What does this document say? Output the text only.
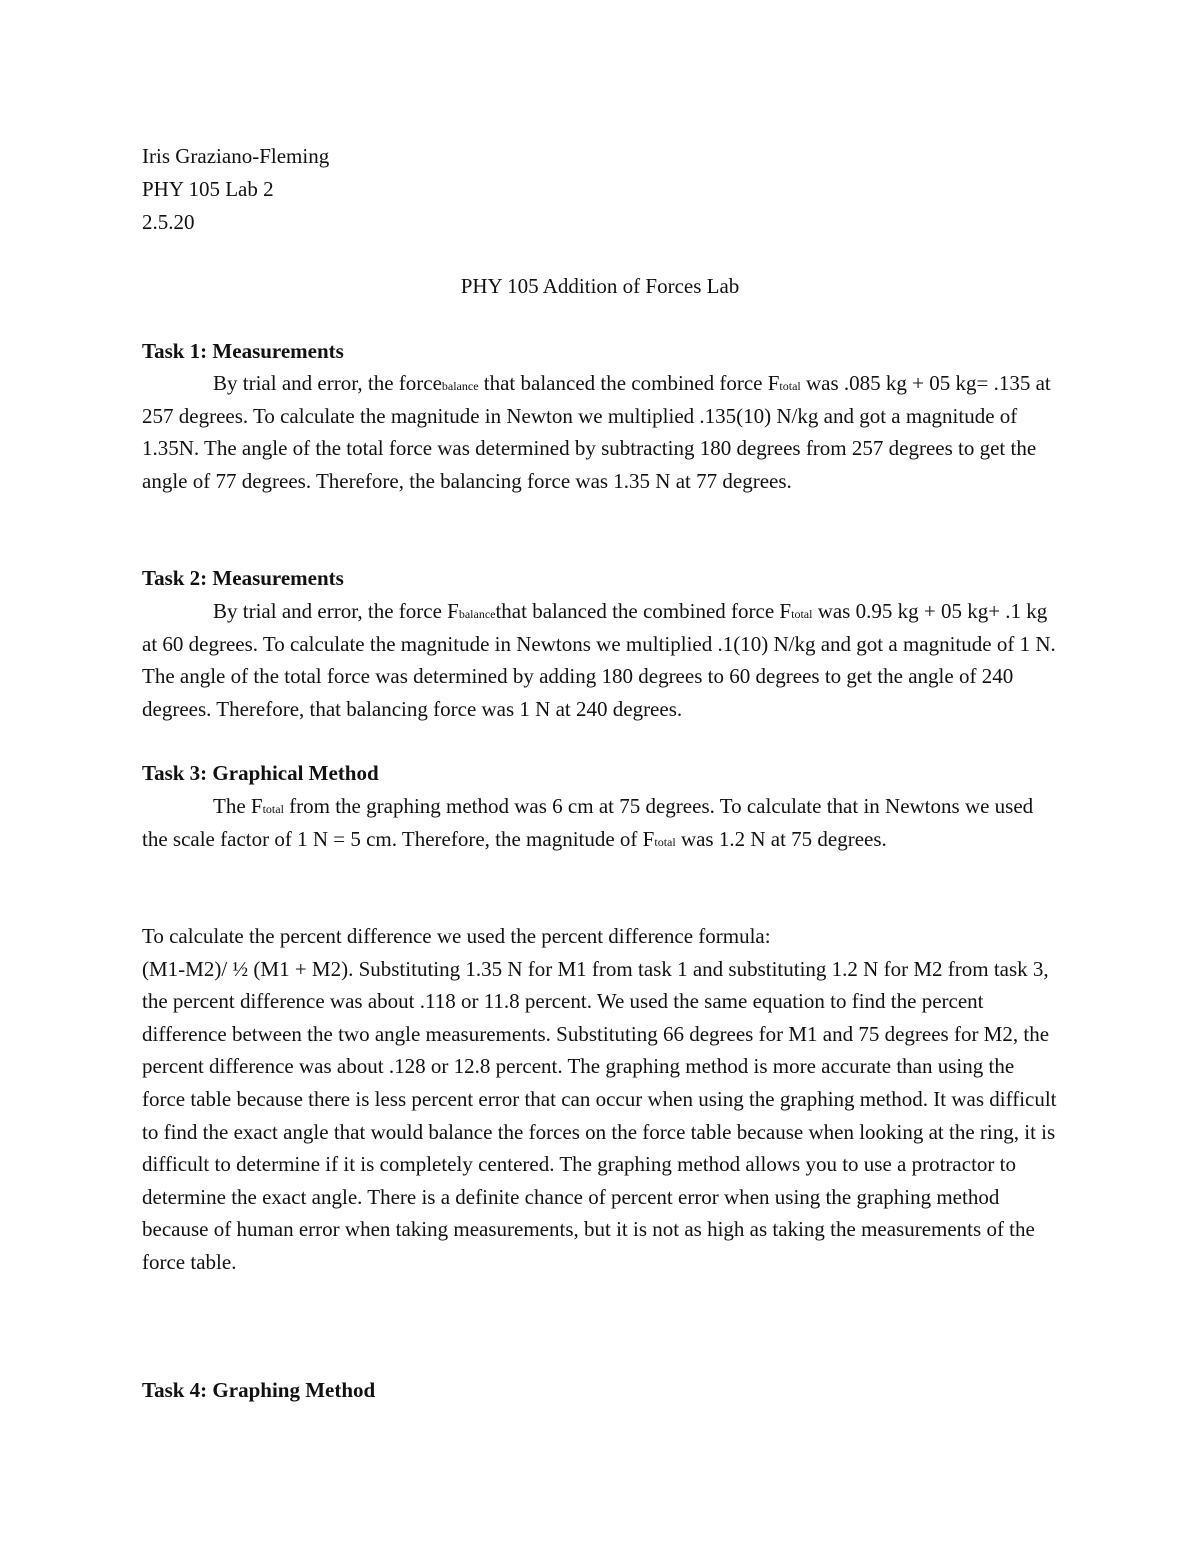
Iris Graziano-Fleming
PHY 105 Lab 2
2.5.20
PHY 105 Addition of Forces Lab
Task 1: Measurements
By trial and error, the forcebalance that balanced the combined force Ftotal was .085 kg + 05 kg= .135 at 257 degrees. To calculate the magnitude in Newton we multiplied .135(10) N/kg and got a magnitude of 1.35N. The angle of the total force was determined by subtracting 180 degrees from 257 degrees to get the angle of 77 degrees. Therefore, the balancing force was 1.35 N at 77 degrees.
Task 2: Measurements
By trial and error, the force Fbalancethat balanced the combined force Ftotal was 0.95 kg + 05 kg+ .1 kg at 60 degrees. To calculate the magnitude in Newtons we multiplied .1(10) N/kg and got a magnitude of 1 N. The angle of the total force was determined by adding 180 degrees to 60 degrees to get the angle of 240 degrees. Therefore, that balancing force was 1 N at 240 degrees.
Task 3: Graphical Method
The Ftotal from the graphing method was 6 cm at 75 degrees. To calculate that in Newtons we used the scale factor of 1 N = 5 cm. Therefore, the magnitude of Ftotal was 1.2 N at 75 degrees.
To calculate the percent difference we used the percent difference formula:
(M1-M2)/ ½ (M1 + M2). Substituting 1.35 N for M1 from task 1 and substituting 1.2 N for M2 from task 3, the percent difference was about .118 or 11.8 percent. We used the same equation to find the percent difference between the two angle measurements. Substituting 66 degrees for M1 and 75 degrees for M2, the percent difference was about .128 or 12.8 percent. The graphing method is more accurate than using the force table because there is less percent error that can occur when using the graphing method. It was difficult to find the exact angle that would balance the forces on the force table because when looking at the ring, it is difficult to determine if it is completely centered. The graphing method allows you to use a protractor to determine the exact angle. There is a definite chance of percent error when using the graphing method because of human error when taking measurements, but it is not as high as taking the measurements of the force table.
Task 4: Graphing Method
